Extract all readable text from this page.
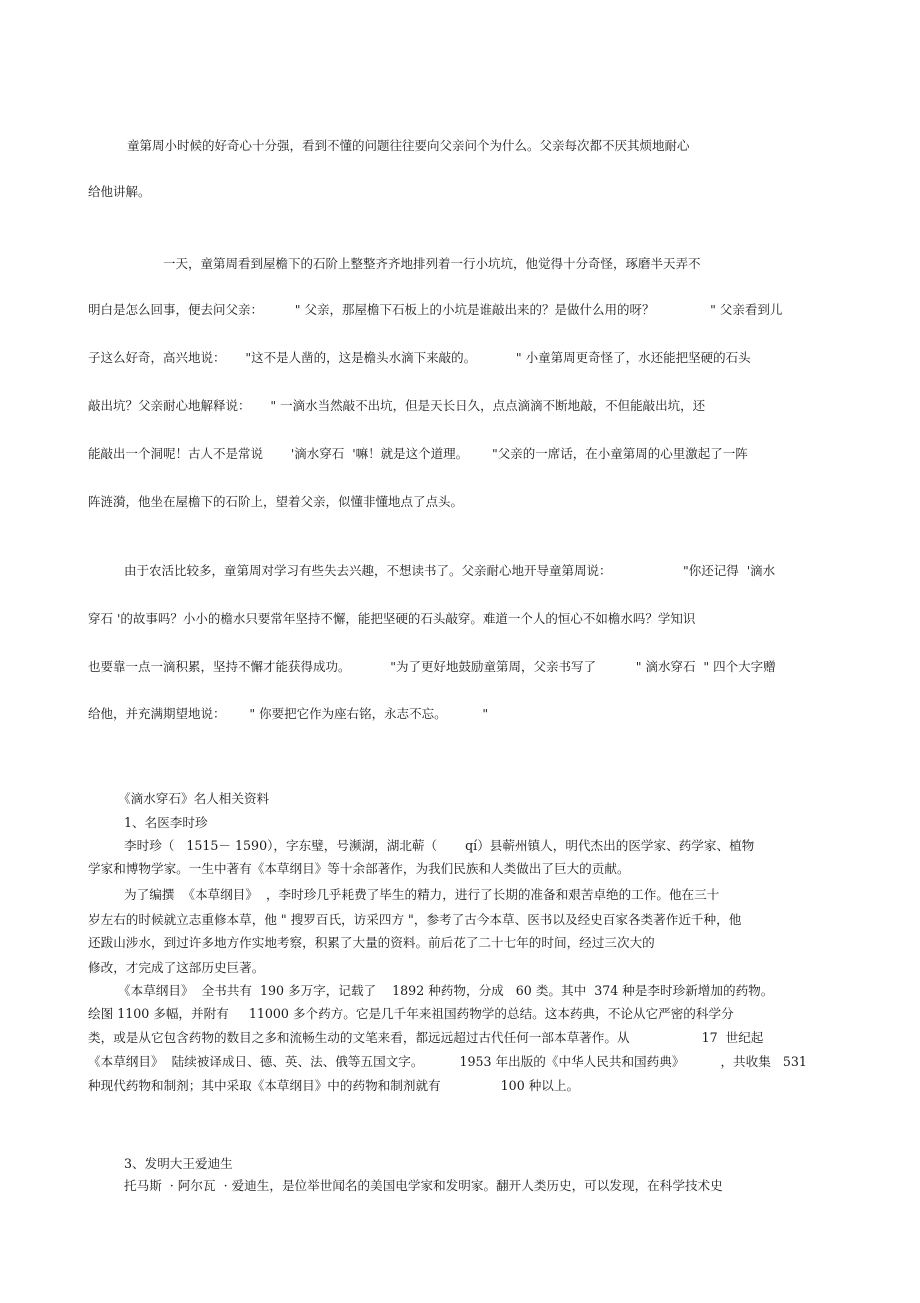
童第周小时候的好奇心十分强，看到不懂的问题往往要向父亲问个为什么。父亲每次都不厌其烦地耐心
给他讲解。
一天，童第周看到屋檐下的石阶上整整齐齐地排列着一行小坑坑，他觉得十分奇怪，琢磨半天弄不
明白是怎么回事，便去问父亲：        " 父亲，那屋檐下石板上的小坑是谁敲出来的？是做什么用的呀？              " 父亲看到儿
子这么好奇，高兴地说：     "这不是人凿的，这是檐头水滴下来敲的。          " 小童第周更奇怪了，水还能把坚硬的石头
敲出坑？父亲耐心地解释说：     " 一滴水当然敲不出坑，但是天长日久，点点滴滴不断地敲，不但能敲出坑，还
能敲出一个洞呢！古人不是常说       '滴水穿石  '嘛！就是这个道理。      "父亲的一席话，在小童第周的心里激起了一阵
阵涟漪，他坐在屋檐下的石阶上，望着父亲，似懂非懂地点了点头。
由于农活比较多，童第周对学习有些失去兴趣，不想读书了。父亲耐心地开导童第周说：                  "你还记得  '滴水
穿石 '的故事吗？小小的檐水只要常年坚持不懈，能把坚硬的石头敲穿。难道一个人的恒心不如檐水吗？学知识
也要靠一点一滴积累，坚持不懈才能获得成功。          "为了更好地鼓励童第周，父亲书写了          " 滴水穿石  " 四个大字赠
给他，并充满期望地说：      " 你要把它作为座右铭，永志不忘。         "
《滴水穿石》名人相关资料
1、名医李时珍
李时珍（   1515－ 1590），字东璧，号濒湖，湖北蕲（       qí）县蕲州镇人，明代杰出的医学家、药学家、植物
学家和博物学家。一生中著有《本草纲目》等十余部著作，为我们民族和人类做出了巨大的贡献。
为了编撰  《本草纲目》  ，李时珍几乎耗费了毕生的精力，进行了长期的准备和艰苦卓绝的工作。他在三十
岁左右的时候就立志重修本草，他 " 搜罗百氏，访采四方 "，参考了古今本草、医书以及经史百家各类著作近千种，他
还跋山涉水，到过许多地方作实地考察，积累了大量的资料。前后花了二十七年的时间，经过三次大的
修改，才完成了这部历史巨著。
《本草纲目》  全书共有  190 多万字，记载了    1892 种药物，分成   60 类。其中  374 种是李时珍新增加的药物。
绘图 1100 多幅，并附有     11000 多个药方。它是几千年来祖国药物学的总结。这本药典，不论从它严密的科学分
类，或是从它包含药物的数目之多和流畅生动的文笔来看，都远远超过古代任何一部本草著作。从                  17  世纪起
《本草纲目》  陆续被译成日、德、英、法、俄等五国文字。         1953 年出版的《中华人民共和国药典》         ，共收集   531
种现代药物和制剂；其中采取《本草纲目》中的药物和制剂就有               100 种以上。
3、发明大王爱迪生
托马斯  · 阿尔瓦  · 爱迪生，是位举世闻名的美国电学家和发明家。翻开人类历史，可以发现，在科学技术史
